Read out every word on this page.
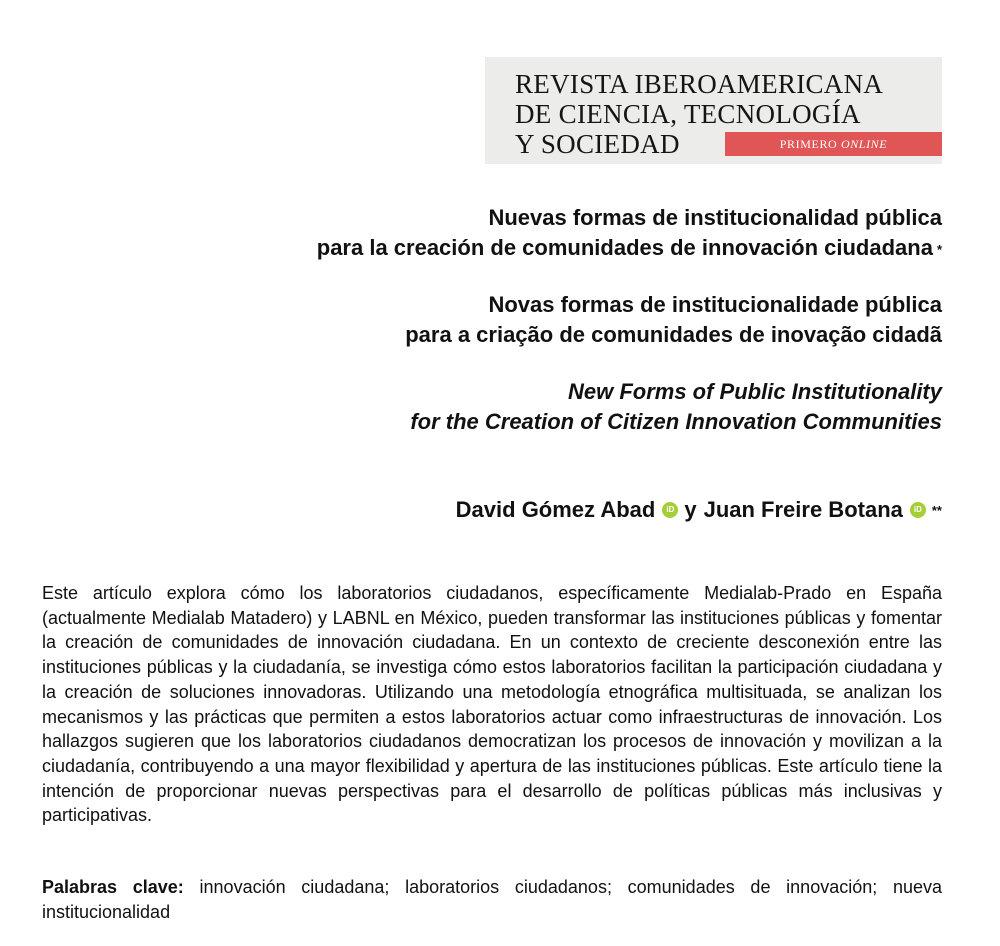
REVISTA IBEROAMERICANA
DE CIENCIA, TECNOLOGÍA
Y SOCIEDAD	PRIMERO ONLINE
Nuevas formas de institucionalidad pública
para la creación de comunidades de innovación ciudadana *
Novas formas de institucionalidade pública
para a criação de comunidades de inovação cidadã
New Forms of Public Institutionality
for the Creation of Citizen Innovation Communities
David Gómez Abad	iD y Juan Freire Botana	iD **

Este artículo explora cómo los laboratorios ciudadanos, específicamente Medialab-Prado en España (actualmente Medialab Matadero) y LABNL en México, pueden transformar las instituciones públicas y fomentar la creación de comunidades de innovación ciudadana. En un contexto de creciente desconexión entre las instituciones públicas y la ciudadanía, se investiga cómo estos laboratorios facilitan la participación ciudadana y la creación de soluciones innovadoras. Utilizando una metodología etnográfica multisituada, se analizan los mecanismos y las prácticas que permiten a estos laboratorios actuar como infraestructuras de innovación. Los hallazgos sugieren que los laboratorios ciudadanos democratizan los procesos de innovación y movilizan a la ciudadanía, contribuyendo a una mayor flexibilidad y apertura de las instituciones públicas. Este artículo tiene la intención de proporcionar nuevas perspectivas para el desarrollo de políticas públicas más inclusivas y participativas.

Palabras clave: innovación ciudadana; laboratorios ciudadanos; comunidades de innovación; nueva institucionalidad
